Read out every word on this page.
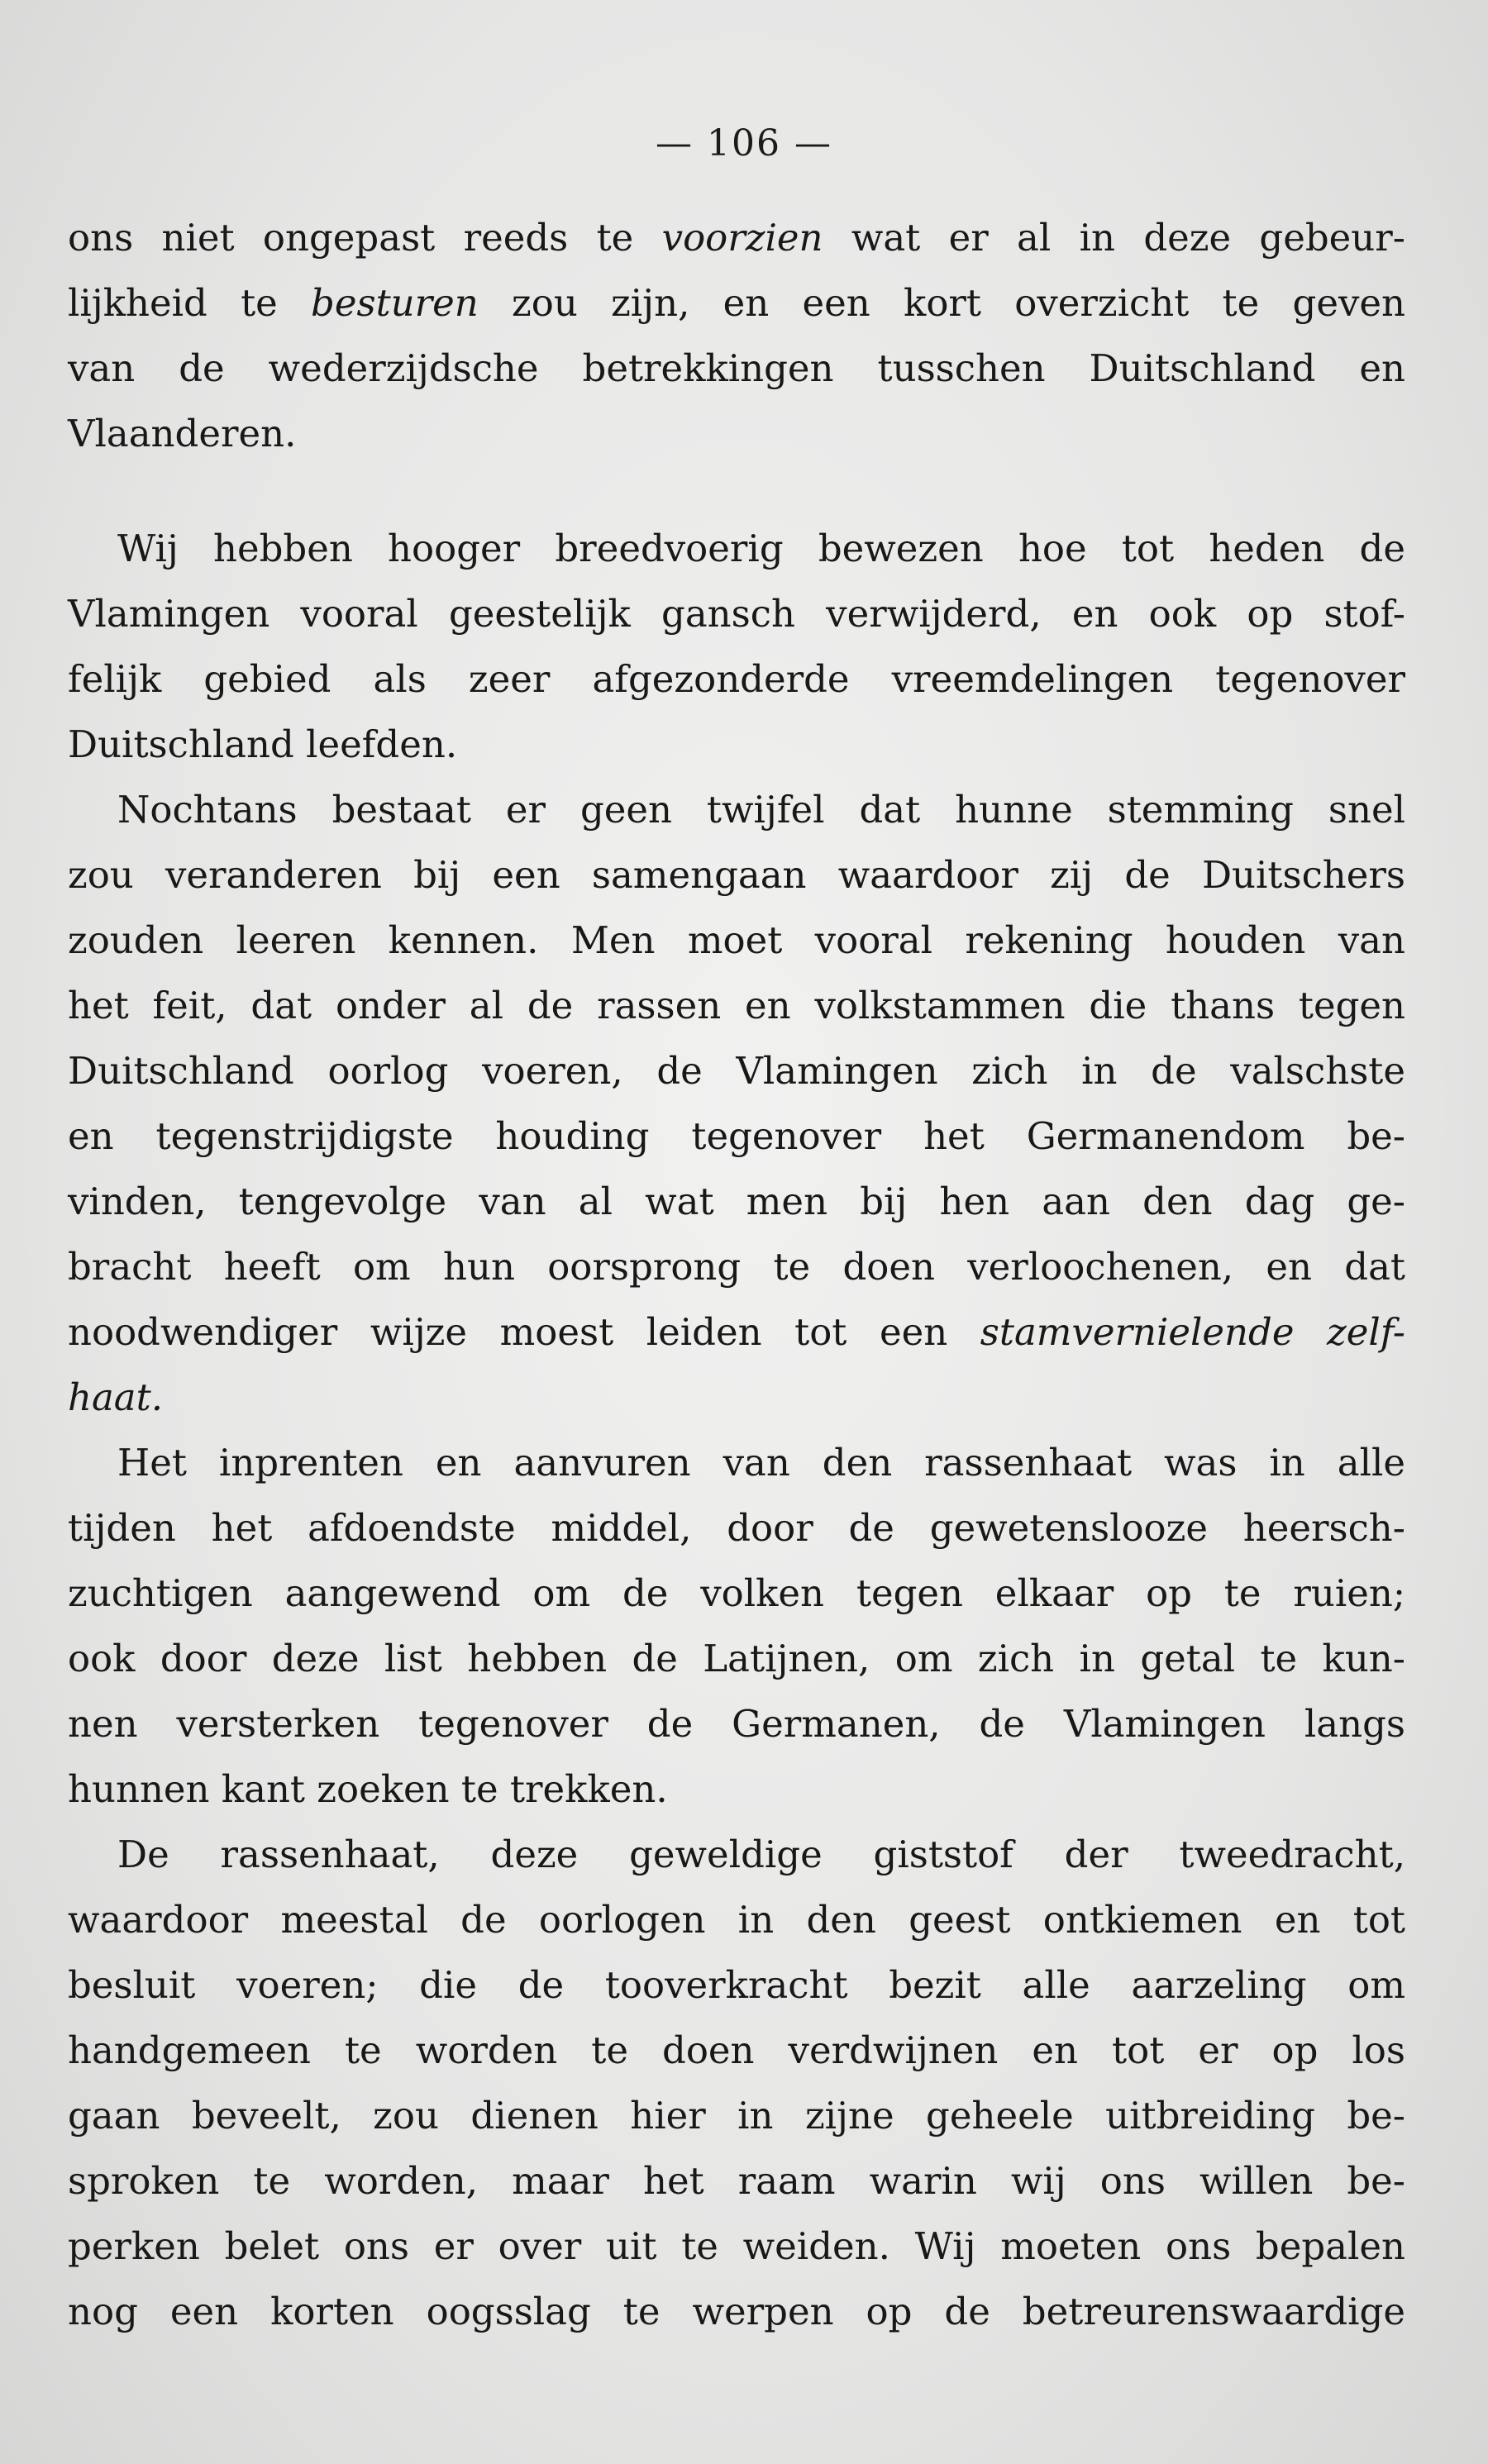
— 106 —

ons niet ongepast reeds te voorzien wat er al in deze gebeur-

lijkheid te besturen zou zijn, en een kort overzicht te geven

van de wederzijdsche betrekkingen tusschen Duitschland en

Vlaanderen.

Wij hebben hooger breedvoerig bewezen hoe tot heden de

Vlamingen vooral geestelijk gansch verwijderd, en ook op stof-

felijk gebied als zeer afgezonderde vreemdelingen tegenover

Duitschland leefden.

Nochtans bestaat er geen twijfel dat hunne stemming snel

zou veranderen bij een samengaan waardoor zij de Duitschers

zouden leeren kennen. Men moet vooral rekening houden van

het feit, dat onder al de rassen en volkstammen die thans tegen

Duitschland oorlog voeren, de Vlamingen zich in de valschste

en tegenstrijdigste houding tegenover het Germanendom be-

vinden, tengevolge van al wat men bij hen aan den dag ge-

bracht heeft om hun oorsprong te doen verloochenen, en dat

noodwendiger wijze moest leiden tot een stamvernielende zelf-

haat.

Het inprenten en aanvuren van den rassenhaat was in alle

tijden het afdoendste middel, door de gewetenslooze heersch-

zuchtigen aangewend om de volken tegen elkaar op te ruien;

ook door deze list hebben de Latijnen, om zich in getal te kun-

nen versterken tegenover de Germanen, de Vlamingen langs

hunnen kant zoeken te trekken.

De rassenhaat, deze geweldige giststof der tweedracht,

waardoor meestal de oorlogen in den geest ontkiemen en tot

besluit voeren; die de tooverkracht bezit alle aarzeling om

handgemeen te worden te doen verdwijnen en tot er op los

gaan beveelt, zou dienen hier in zijne geheele uitbreiding be-

sproken te worden, maar het raam warin wij ons willen be-

perken belet ons er over uit te weiden. Wij moeten ons bepalen

nog een korten oogsslag te werpen op de betreurenswaardige
